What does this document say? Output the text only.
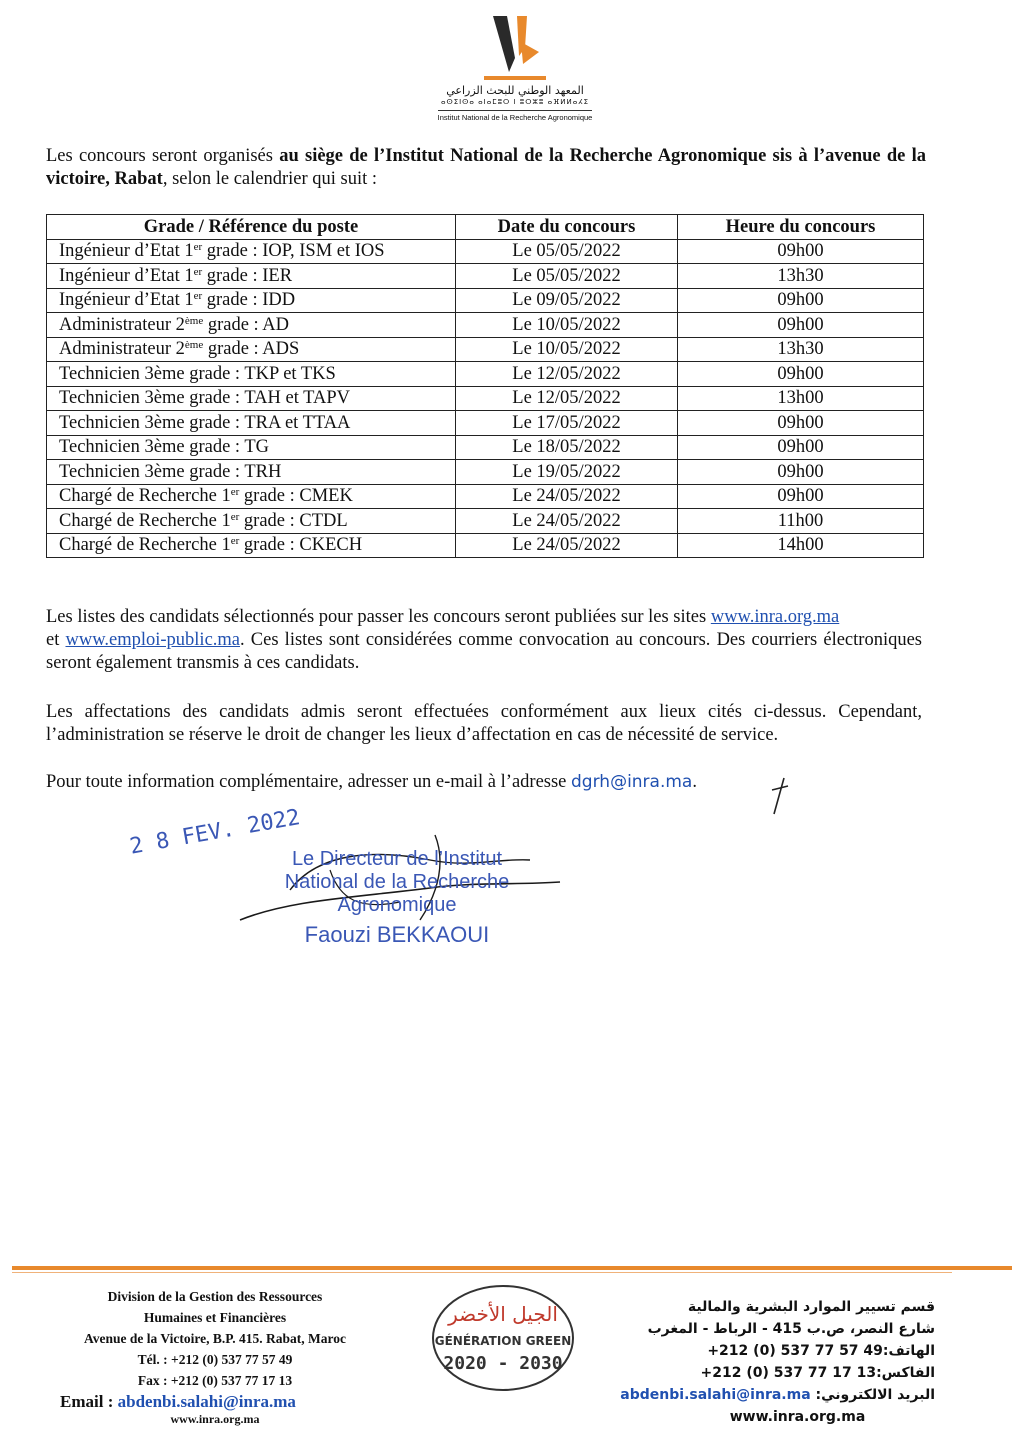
المعهد الوطني للبحث الزراعي
ⴰⵙⵉⵏⵙⴰ ⴰⵏⴰⵎⵓⵔ ⵏ ⵓⵔⵣⵓ ⴰⴼⵍⵍⴰⵃⵉ
Institut National de la Recherche Agronomique
Les concours seront organisés au siège de l’Institut National de la Recherche Agronomique sis à l’avenue de la victoire, Rabat, selon le calendrier qui suit :
Grade / Référence du poste	Date du concours	Heure du concours
Ingénieur d’Etat 1er grade : IOP, ISM et IOS	Le 05/05/2022	09h00
Ingénieur d’Etat 1er grade : IER	Le 05/05/2022	13h30
Ingénieur d’Etat 1er grade : IDD	Le 09/05/2022	09h00
Administrateur 2ème grade : AD	Le 10/05/2022	09h00
Administrateur 2ème grade : ADS	Le 10/05/2022	13h30
Technicien 3ème grade : TKP et TKS	Le 12/05/2022	09h00
Technicien 3ème grade : TAH et TAPV	Le 12/05/2022	13h00
Technicien 3ème grade : TRA et TTAA	Le 17/05/2022	09h00
Technicien 3ème grade : TG	Le 18/05/2022	09h00
Technicien 3ème grade : TRH	Le 19/05/2022	09h00
Chargé de Recherche 1er grade : CMEK	Le 24/05/2022	09h00
Chargé de Recherche 1er grade : CTDL	Le 24/05/2022	11h00
Chargé de Recherche 1er grade : CKECH	Le 24/05/2022	14h00
Les listes des candidats sélectionnés pour passer les concours seront publiées sur les sites www.inra.org.ma
et www.emploi-public.ma. Ces listes sont considérées comme convocation au concours. Des courriers électroniques seront également transmis à ces candidats.
Les affectations des candidats admis seront effectuées conformément aux lieux cités ci-dessus. Cependant, l’administration se réserve le droit de changer les lieux d’affectation en cas de nécessité de service.
Pour toute information complémentaire, adresser un e-mail à l’adresse dgrh@inra.ma.
2 8 FEV. 2022
Le Directeur de l’Institut
National de la Recherche
Agronomique
Faouzi BEKKAOUI
Division de la Gestion des Ressources
Humaines et Financières
Avenue de la Victoire, B.P. 415. Rabat, Maroc
Tél. : +212 (0) 537 77 57 49
Fax : +212 (0) 537 77 17 13
Email : abdenbi.salahi@inra.ma
www.inra.org.ma
الجيل الأخضر
GÉNÉRATION GREEN
2020 - 2030
قسم تسيير الموارد البشرية والمالية
شارع النصر، ص.ب 415 - الرباط - المغرب
الهاتف:49 57 77 537 (0) 212+
الفاكس:13 17 77 537 (0) 212+
البريد الالكتروني: abdenbi.salahi@inra.ma
www.inra.org.ma
